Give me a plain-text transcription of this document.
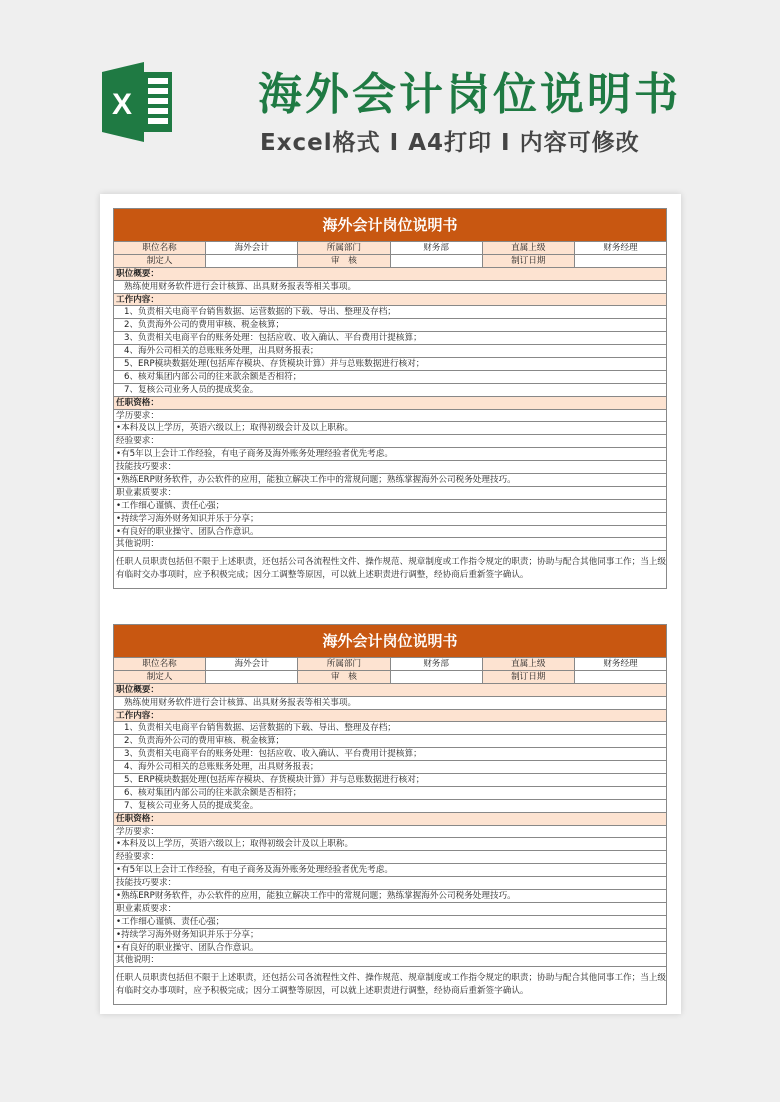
X	海外会计岗位说明书
Excel格式 I A4打印 I 内容可修改
海外会计岗位说明书
职位名称	海外会计	所属部门	财务部	直属上级	财务经理
制定人	审　核	制订日期
职位概要：
熟练使用财务软件进行会计核算、出具财务报表等相关事项。
工作内容：
1、负责相关电商平台销售数据、运营数据的下载、导出、整理及存档；
2、负责海外公司的费用审核、税金核算；
3、负责相关电商平台的账务处理：包括应收、收入确认、平台费用计提核算；
4、海外公司相关的总账账务处理，出具财务报表；
5、ERP模块数据处理(包括库存模块、存货模块计算）并与总账数据进行核对；
6、核对集团内部公司的往来款余额是否相符；
7、复核公司业务人员的提成奖金。
任职资格：
学历要求：
•本科及以上学历，英语六级以上；取得初级会计及以上职称。
经验要求：
•有5年以上会计工作经验，有电子商务及海外账务处理经验者优先考虑。
技能技巧要求：
•熟练ERP财务软件，办公软件的应用，能独立解决工作中的常规问题；熟练掌握海外公司税务处理技巧。
职业素质要求：
•工作细心谨慎、责任心强；
•持续学习海外财务知识并乐于分享；
•有良好的职业操守、团队合作意识。
其他说明：
任职人员职责包括但不限于上述职责，还包括公司各流程性文件、操作规范、规章制度或工作指令规定的职责；协助与配合其他同事工作；当上级有临时交办事项时，应予积极完成；因分工调整等原因，可以就上述职责进行调整，经协商后重新签字确认。
海外会计岗位说明书
职位名称	海外会计	所属部门	财务部	直属上级	财务经理
制定人	审　核	制订日期
职位概要：
熟练使用财务软件进行会计核算、出具财务报表等相关事项。
工作内容：
1、负责相关电商平台销售数据、运营数据的下载、导出、整理及存档；
2、负责海外公司的费用审核、税金核算；
3、负责相关电商平台的账务处理：包括应收、收入确认、平台费用计提核算；
4、海外公司相关的总账账务处理，出具财务报表；
5、ERP模块数据处理(包括库存模块、存货模块计算）并与总账数据进行核对；
6、核对集团内部公司的往来款余额是否相符；
7、复核公司业务人员的提成奖金。
任职资格：
学历要求：
•本科及以上学历，英语六级以上；取得初级会计及以上职称。
经验要求：
•有5年以上会计工作经验，有电子商务及海外账务处理经验者优先考虑。
技能技巧要求：
•熟练ERP财务软件，办公软件的应用，能独立解决工作中的常规问题；熟练掌握海外公司税务处理技巧。
职业素质要求：
•工作细心谨慎、责任心强；
•持续学习海外财务知识并乐于分享；
•有良好的职业操守、团队合作意识。
其他说明：
任职人员职责包括但不限于上述职责，还包括公司各流程性文件、操作规范、规章制度或工作指令规定的职责；协助与配合其他同事工作；当上级有临时交办事项时，应予积极完成；因分工调整等原因，可以就上述职责进行调整，经协商后重新签字确认。
